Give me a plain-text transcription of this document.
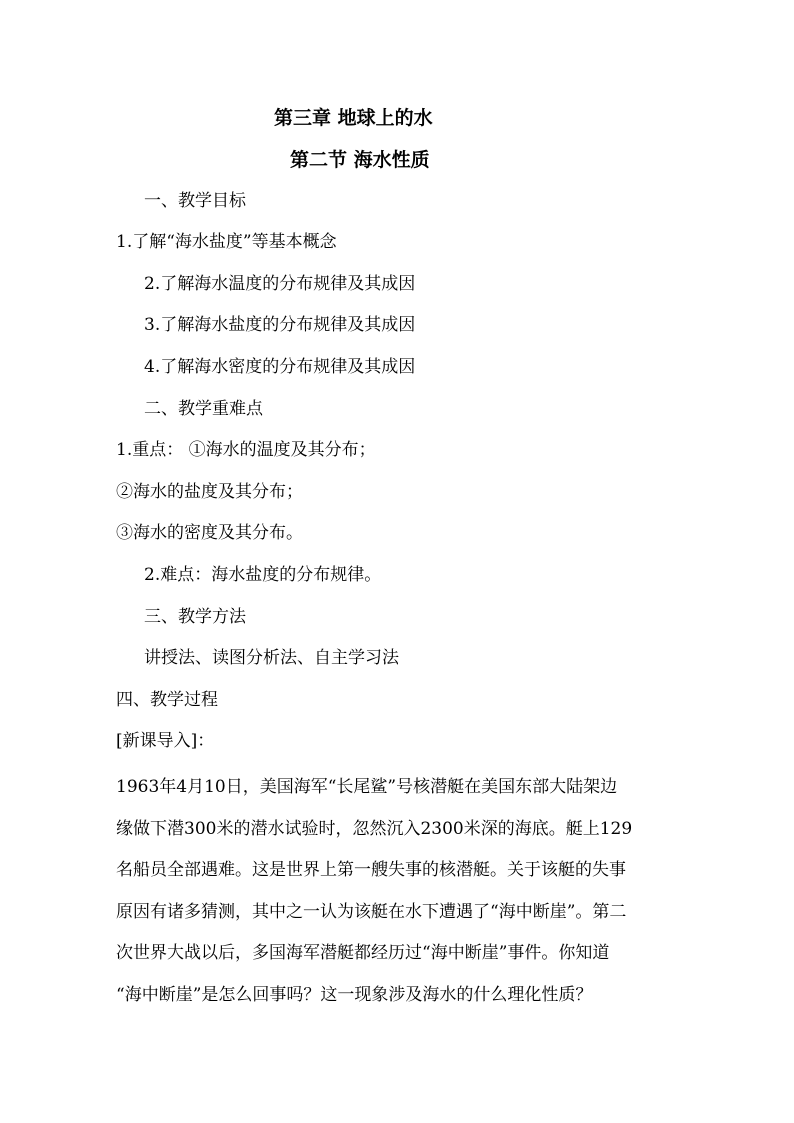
第三章 地球上的水
第二节 海水性质
一、教学目标
1.了解“海水盐度”等基本概念
2.了解海水温度的分布规律及其成因
3.了解海水盐度的分布规律及其成因
4.了解海水密度的分布规律及其成因
二、教学重难点
1.重点： ①海水的温度及其分布；
②海水的盐度及其分布；
③海水的密度及其分布。
2.难点：海水盐度的分布规律。
三、教学方法
讲授法、读图分析法、自主学习法
四、教学过程
[新课导入]：
1963年4月10日，美国海军“长尾鲨”号核潜艇在美国东部大陆架边
缘做下潜300米的潜水试验时，忽然沉入2300米深的海底。艇上129
名船员全部遇难。这是世界上第一艘失事的核潜艇。关于该艇的失事
原因有诸多猜测，其中之一认为该艇在水下遭遇了“海中断崖”。第二
次世界大战以后，多国海军潜艇都经历过“海中断崖”事件。你知道
“海中断崖”是怎么回事吗？这一现象涉及海水的什么理化性质？
